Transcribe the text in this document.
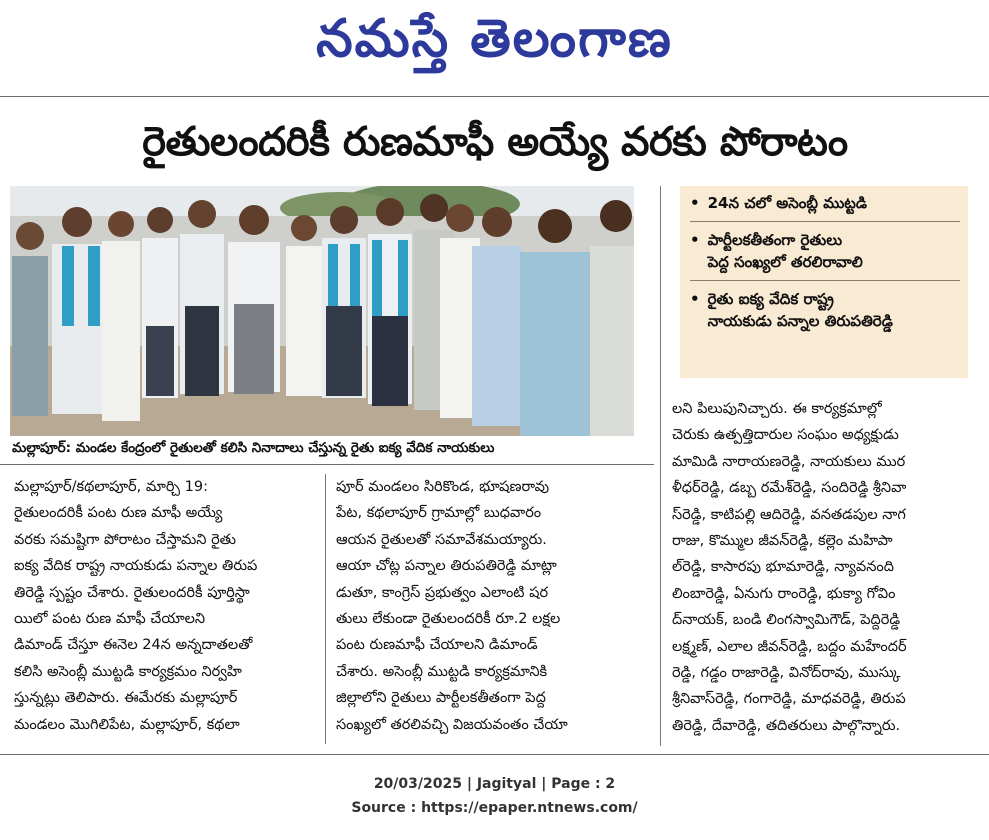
నమస్తే తెలంగాణ
రైతులందరికీ రుణమాఫీ అయ్యే వరకు పోరాటం
మల్లాపూర్: మండల కేంద్రంలో రైతులతో కలిసి నినాదాలు చేస్తున్న రైతు ఐక్య వేదిక నాయకులు
• 24న చలో అసెంబ్లీ ముట్టడి
• పార్టీలకతీతంగా రైతులు
పెద్ద సంఖ్యలో తరలిరావాలి
• రైతు ఐక్య వేదిక రాష్ట్ర
నాయకుడు పన్నాల తిరుపతిరెడ్డి
మల్లాపూర్/కథలాపూర్, మార్చి 19:
రైతులందరికీ పంట రుణ మాఫీ అయ్యే
వరకు సమష్టిగా పోరాటం చేస్తామని రైతు
ఐక్య వేదిక రాష్ట్ర నాయకుడు పన్నాల తిరుప
తిరెడ్డి స్పష్టం చేశారు. రైతులందరికీ పూర్తిస్థా
యిలో పంట రుణ మాఫీ చేయాలని
డిమాండ్ చేస్తూ ఈనెల 24న అన్నదాతలతో
కలిసి అసెంబ్లీ ముట్టడి కార్యక్రమం నిర్వహి
స్తున్నట్లు తెలిపారు. ఈమేరకు మల్లాపూర్
మండలం మొగిలిపేట, మల్లాపూర్, కథలా
పూర్ మండలం సిరికొండ, భూషణరావు
పేట, కథలాపూర్ గ్రామాల్లో బుధవారం
ఆయన రైతులతో సమావేశమయ్యారు.
ఆయా చోట్ల పన్నాల తిరుపతిరెడ్డి మాట్లా
డుతూ, కాంగ్రెస్ ప్రభుత్వం ఎలాంటి షర
తులు లేకుండా రైతులందరికీ రూ.2 లక్షల
పంట రుణమాఫీ చేయాలని డిమాండ్
చేశారు. అసెంబ్లీ ముట్టడి కార్యక్రమానికి
జిల్లాలోని రైతులు పార్టీలకతీతంగా పెద్ద
సంఖ్యలో తరలివచ్చి విజయవంతం చేయా
లని పిలుపునిచ్చారు. ఈ కార్యక్రమాల్లో
చెరుకు ఉత్పత్తిదారుల సంఘం అధ్యక్షుడు
మామిడి నారాయణరెడ్డి, నాయకులు ముర
ళీధర్‌రెడ్డి, డబ్బ రమేశ్‌రెడ్డి, సందిరెడ్డి శ్రీనివా
స్‌రెడ్డి, కాటిపల్లి ఆదిరెడ్డి, వనతడపుల నాగ
రాజు, కొమ్ముల జీవన్‌రెడ్డి, కల్లెం మహిపా
ల్‌రెడ్డి, కాసారపు భూమారెడ్డి, న్యావనంది
లింబారెడ్డి, ఏనుగు రాంరెడ్డి, భుక్యా గోవిం
ద్‌నాయక్, బండి లింగస్వామిగౌడ్, పెద్దిరెడ్డి
లక్ష్మణ్, ఎలాల జీవన్‌రెడ్డి, బద్దం మహేందర్
రెడ్డి, గడ్డం రాజారెడ్డి, వినోద్‌రావు, ముస్కు
శ్రీనివాస్‌రెడ్డి, గంగారెడ్డి, మాధవరెడ్డి, తిరుప
తిరెడ్డి, దేవారెడ్డి, తదితరులు పాల్గొన్నారు.
20/03/2025 | Jagityal | Page : 2
Source : https://epaper.ntnews.com/
